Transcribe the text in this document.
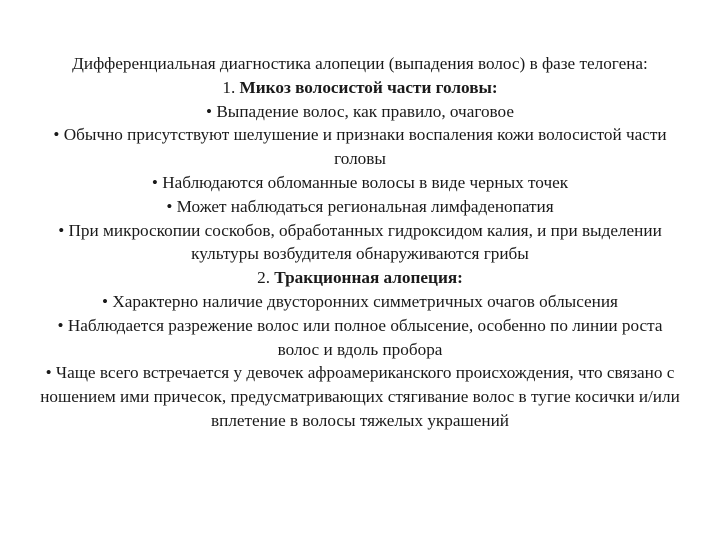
Дифференциальная диагностика алопеции (выпадения волос) в фазе телогена:

1. Микоз волосистой части головы:

• Выпадение волос, как правило, очаговое

• Обычно присутствуют шелушение и признаки воспаления кожи волосистой части головы

• Наблюдаются обломанные волосы в виде черных точек

• Может наблюдаться региональная лимфаденопатия

• При микроскопии соскобов, обработанных гидроксидом калия, и при выделении культуры возбудителя обнаруживаются грибы

2. Тракционная алопеция:

• Характерно наличие двусторонних симметричных очагов облысения

• Наблюдается разрежение волос или полное облысение, особенно по линии роста волос и вдоль пробора

• Чаще всего встречается у девочек афроамериканского происхождения, что связано с ношением ими причесок, предусматривающих стягивание волос в тугие косички и/или вплетение в волосы тяжелых украшений
